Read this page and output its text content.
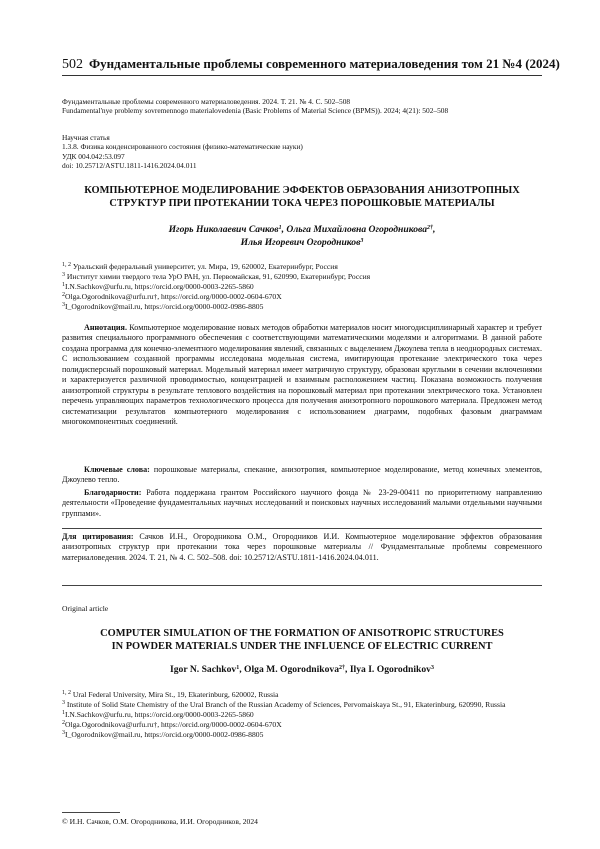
502 Фундаментальные проблемы современного материаловедения том 21 №4 (2024)
Фундаментальные проблемы современного материаловедения. 2024. Т. 21. № 4. С. 502–508
Fundamental'nye problemy sovremennogo materialovedenia (Basic Problems of Material Science (BPMS)). 2024; 4(21): 502–508
Научная статья
1.3.8. Физика конденсированного состояния (физико-математические науки)
УДК 004.042:53.097
doi: 10.25712/ASTU.1811-1416.2024.04.011
КОМПЬЮТЕРНОЕ МОДЕЛИРОВАНИЕ ЭФФЕКТОВ ОБРАЗОВАНИЯ АНИЗОТРОПНЫХ
СТРУКТУР ПРИ ПРОТЕКАНИИ ТОКА ЧЕРЕЗ ПОРОШКОВЫЕ МАТЕРИАЛЫ
Игорь Николаевич Сачков1, Ольга Михайловна Огородникова2†,
Илья Игоревич Огородников3
1, 2 Уральский федеральный университет, ул. Мира, 19, 620002, Екатеринбург, Россия
3 Институт химии твердого тела УрО РАН, ул. Первомайская, 91, 620990, Екатеринбург, Россия
1I.N.Sachkov@urfu.ru, https://orcid.org/0000-0003-2265-5860
2Olga.Ogorodnikova@urfu.ru†, https://orcid.org/0000-0002-0604-670X
3I_Ogorodnikov@mail.ru, https://orcid.org/0000-0002-0986-8805
Аннотация. Компьютерное моделирование новых методов обработки материалов носит многодисциплинарный характер и требует развития специального программного обеспечения с соответствующими математическими моделями и алгоритмами. В данной работе создана программа для конечно-элементного моделирования явлений, связанных с выделением Джоулева тепла в неоднородных системах. С использованием созданной программы исследована модельная система, имитирующая протекание электрического тока через полидисперсный порошковый материал. Модельный материал имеет матричную структуру, образован круглыми в сечении включениями и характеризуется различной проводимостью, концентрацией и взаимным расположением частиц. Показана возможность получения анизотропной структуры в результате теплового воздействия на порошковый материал при протекании электрического тока. Установлен перечень управляющих параметров технологического процесса для получения анизотропного порошкового материала. Предложен метод систематизации результатов компьютерного моделирования с использованием диаграмм, подобных фазовым диаграммам многокомпонентных соединений.
Ключевые слова: порошковые материалы, спекание, анизотропия, компьютерное моделирование, метод конечных элементов, Джоулево тепло.
Благодарности: Работа поддержана грантом Российского научного фонда № 23-29-00411 по приоритетному направлению деятельности «Проведение фундаментальных научных исследований и поисковых научных исследований малыми отдельными научными группами».
Для цитирования: Сачков И.Н., Огородникова О.М., Огородников И.И. Компьютерное моделирование эффектов образования анизотропных структур при протекании тока через порошковые материалы // Фундаментальные проблемы современного материаловедения. 2024. Т. 21, № 4. С. 502–508. doi: 10.25712/ASTU.1811-1416.2024.04.011.
Original article
COMPUTER SIMULATION OF THE FORMATION OF ANISOTROPIC STRUCTURES
IN POWDER MATERIALS UNDER THE INFLUENCE OF ELECTRIC CURRENT
Igor N. Sachkov1, Olga M. Ogorodnikova2†, Ilya I. Ogorodnikov3
1, 2 Ural Federal University, Mira St., 19, Ekaterinburg, 620002, Russia
3 Institute of Solid State Chemistry of the Ural Branch of the Russian Academy of Sciences, Pervomaiskaya St., 91, Ekaterinburg, 620990, Russia
1I.N.Sachkov@urfu.ru, https://orcid.org/0000-0003-2265-5860
2Olga.Ogorodnikova@urfu.ru†, https://orcid.org/0000-0002-0604-670X
3I_Ogorodnikov@mail.ru, https://orcid.org/0000-0002-0986-8805
© И.Н. Сачков, О.М. Огородникова, И.И. Огородников, 2024
